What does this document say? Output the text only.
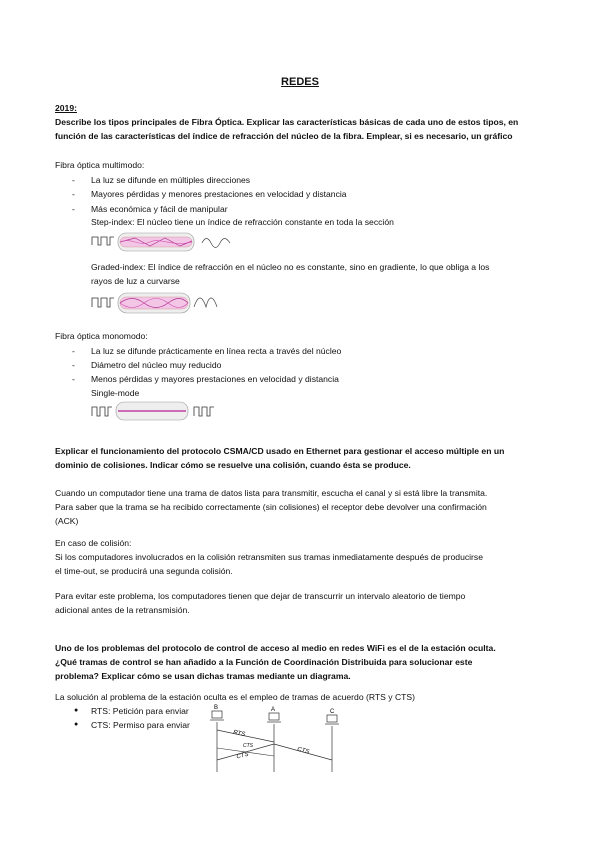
REDES
2019:
Describe los tipos principales de Fibra Óptica. Explicar las características básicas de cada uno de estos tipos, en
función de las características del índice de refracción del núcleo de la fibra. Emplear, si es necesario, un gráfico
Fibra óptica multimodo:
- La luz se difunde en múltiples direcciones
- Mayores pérdidas y menores prestaciones en velocidad y distancia
- Más económica y fácil de manipular
Step-index: El núcleo tiene un índice de refracción constante en toda la sección
Graded-index: El índice de refracción en el núcleo no es constante, sino en gradiente, lo que obliga a los
rayos de luz a curvarse
Fibra óptica monomodo:
- La luz se difunde prácticamente en línea recta a través del núcleo
- Diámetro del núcleo muy reducido
- Menos pérdidas y mayores prestaciones en velocidad y distancia
Single-mode
Explicar el funcionamiento del protocolo CSMA/CD usado en Ethernet para gestionar el acceso múltiple en un
dominio de colisiones. Indicar cómo se resuelve una colisión, cuando ésta se produce.
Cuando un computador tiene una trama de datos lista para transmitir, escucha el canal y si está libre la transmita.
Para saber que la trama se ha recibido correctamente (sin colisiones) el receptor debe devolver una confirmación
(ACK)
En caso de colisión:
Si los computadores involucrados en la colisión retransmiten sus tramas inmediatamente después de producirse
el time-out, se producirá una segunda colisión.
Para evitar este problema, los computadores tienen que dejar de transcurrir un intervalo aleatorio de tiempo
adicional antes de la retransmisión.
Uno de los problemas del protocolo de control de acceso al medio en redes WiFi es el de la estación oculta.
¿Qué tramas de control se han añadido a la Función de Coordinación Distribuida para solucionar este
problema? Explicar cómo se usan dichas tramas mediante un diagrama.
La solución al problema de la estación oculta es el empleo de tramas de acuerdo (RTS y CTS)
● RTS: Petición para enviar
● CTS: Permiso para enviar
B	A	C
RTS
CTS
CTS
CTS
